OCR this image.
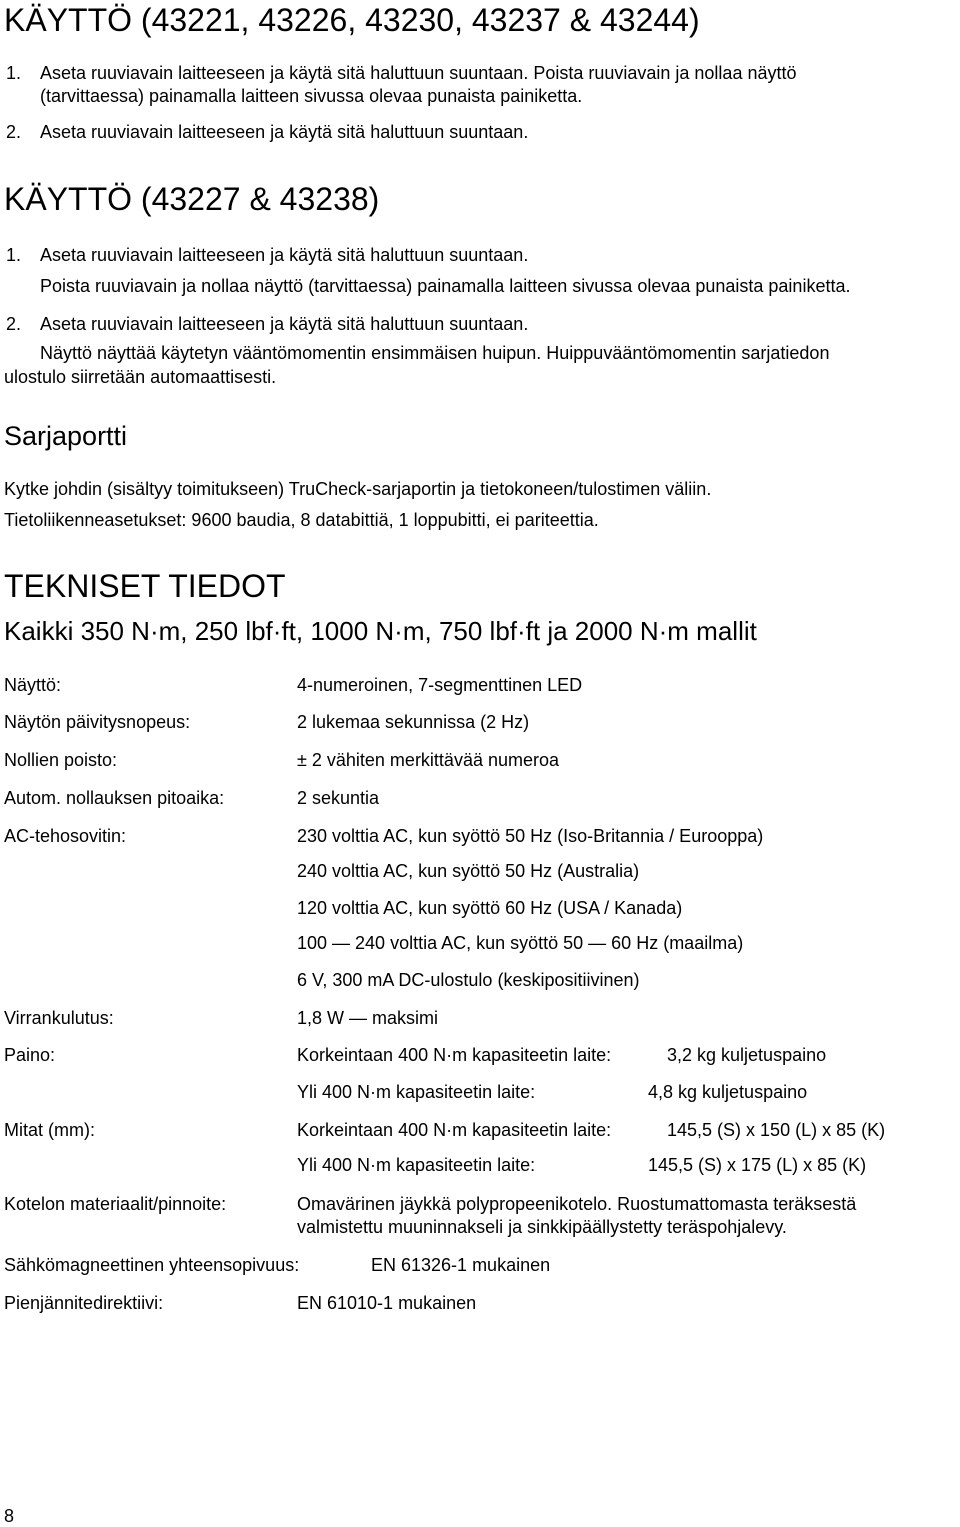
KÄYTTÖ (43221, 43226, 43230, 43237 & 43244)
1. Aseta ruuviavain laitteeseen ja käytä sitä haluttuun suuntaan. Poista ruuviavain ja nollaa näyttö
(tarvittaessa) painamalla laitteen sivussa olevaa punaista painiketta.
2. Aseta ruuviavain laitteeseen ja käytä sitä haluttuun suuntaan.
KÄYTTÖ (43227 & 43238)
1. Aseta ruuviavain laitteeseen ja käytä sitä haluttuun suuntaan.
Poista ruuviavain ja nollaa näyttö (tarvittaessa) painamalla laitteen sivussa olevaa punaista painiketta.
2. Aseta ruuviavain laitteeseen ja käytä sitä haluttuun suuntaan.
Näyttö näyttää käytetyn vääntömomentin ensimmäisen huipun. Huippuvääntömomentin sarjatiedon
ulostulo siirretään automaattisesti.
Sarjaportti
Kytke johdin (sisältyy toimitukseen) TruCheck-sarjaportin ja tietokoneen/tulostimen väliin.
Tietoliikenneasetukset: 9600 baudia, 8 databittiä, 1 loppubitti, ei pariteettia.
TEKNISET TIEDOT
Kaikki 350 N·m, 250 lbf·ft, 1000 N·m, 750 lbf·ft ja 2000 N·m mallit
Näyttö:	4-numeroinen, 7-segmenttinen LED
Näytön päivitysnopeus:	2 lukemaa sekunnissa (2 Hz)
Nollien poisto:	± 2 vähiten merkittävää numeroa
Autom. nollauksen pitoaika:	2 sekuntia
AC-tehosovitin:	230 volttia AC, kun syöttö 50 Hz (Iso-Britannia / Eurooppa)
240 volttia AC, kun syöttö 50 Hz (Australia)
120 volttia AC, kun syöttö 60 Hz (USA / Kanada)
100 — 240 volttia AC, kun syöttö 50 — 60 Hz (maailma)
6 V, 300 mA DC-ulostulo (keskipositiivinen)
Virrankulutus:	1,8 W — maksimi
Paino:	Korkeintaan 400 N·m kapasiteetin laite:	3,2 kg kuljetuspaino
Yli 400 N·m kapasiteetin laite:	4,8 kg kuljetuspaino
Mitat (mm):	Korkeintaan 400 N·m kapasiteetin laite:	145,5 (S) x 150 (L) x 85 (K)
Yli 400 N·m kapasiteetin laite:	145,5 (S) x 175 (L) x 85 (K)
Kotelon materiaalit/pinnoite:	Omavärinen jäykkä polypropeenikotelo. Ruostumattomasta teräksestä
valmistettu muuninnakseli ja sinkkipäällystetty teräspohjalevy.
Sähkömagneettinen yhteensopivuus:	EN 61326-1 mukainen
Pienjännitedirektiivi:	EN 61010-1 mukainen
8
